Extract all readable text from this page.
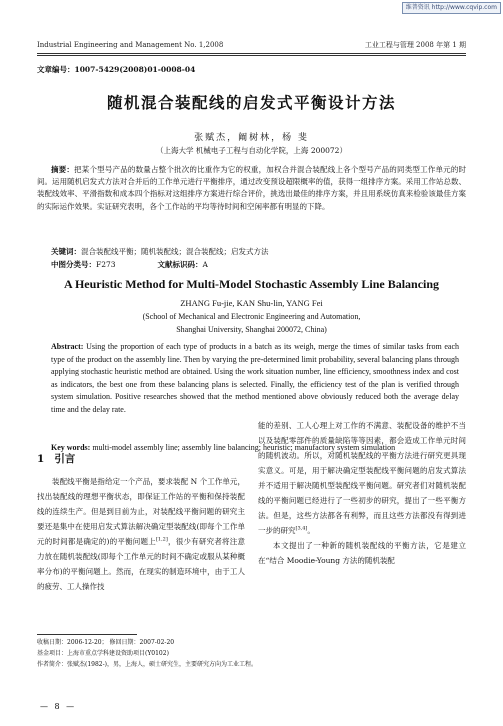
维普资讯 http://www.cqvip.com
Industrial Engineering and Management No. 1,2008	工业工程与管理 2008 年第 1 期
文章编号：1007-5429(2008)01-0008-04
随机混合装配线的启发式平衡设计方法
张赋杰，阚树林，杨 斐
（上海大学 机械电子工程与自动化学院，上海 200072）
摘要：把某个型号产品的数量占整个批次的比重作为它的权重，加权合并混合装配线上各个型号产品的同类型工作单元的时间。运用随机启发式方法对合并后的工作单元进行平衡排序，通过改变预设超限概率的值，获得一组排序方案。采用工作站总数、装配线效率、平滑指数和成本四个指标对这组排序方案进行综合评价，挑选出最佳的排序方案，并且用系统仿真来检验该最佳方案的实际运作效果。实证研究表明，各个工作站的平均等待时间和空闲率都有明显的下降。
关键词：混合装配线平衡；随机装配线；混合装配线；启发式方法
中图分类号：F273	文献标识码：A
A Heuristic Method for Multi-Model Stochastic Assembly Line Balancing
ZHANG Fu-jie, KAN Shu-lin, YANG Fei
(School of Mechanical and Electronic Engineering and Automation,
Shanghai University, Shanghai 200072, China)
Abstract: Using the proportion of each type of products in a batch as its weigh, merge the times of similar tasks from each type of the product on the assembly line. Then by varying the pre-determined limit probability, several balancing plans through applying stochastic heuristic method are obtained. Using the work situation number, line efficiency, smoothness index and cost as indicators, the best one from these balancing plans is selected. Finally, the efficiency test of the plan is verified through system simulation. Positive researches showed that the method mentioned above obviously reduced both the average delay time and the delay rate.
Key words: multi-model assembly line; assembly line balancing; heuristic; manufactory system simulation
1 引言

装配线平衡是指给定一个产品，要求装配 N 个工作单元，找出装配线的理想平衡状态，即保证工作站的平衡和保持装配线的连续生产。但是到目前为止，对装配线平衡问题的研究主要还是集中在使用启发式算法解决确定型装配线(即每个工作单元的时间都是确定的)的平衡问题上[1,2]，很少有研究者将注意力放在随机装配线(即每个工作单元的时间不确定或服从某种概率分布)的平衡问题上。然而，在现实的制造环境中，由于工人的疲劳、工人操作技

能的差别、工人心理上对工作的不满意、装配设备的维护不当以及装配零部件的质量缺陷等等因素，都会造成工作单元时间的随机波动。所以，对随机装配线的平衡方法进行研究更具现实意义。可是，用于解决确定型装配线平衡问题的启发式算法并不适用于解决随机型装配线平衡问题。研究者们对随机装配线的平衡问题已经进行了一些初步的研究，提出了一些平衡方法。但是，这些方法都各有利弊，而且这些方法都没有得到进一步的研究[3,4]。

本文提出了一种新的随机装配线的平衡方法，它是建立在“结合 Moodie-Young 方法的随机装配

收稿日期：2006-12-20； 修回日期：2007-02-20
基金项目：上海市重点学科建设资助项目(Y0102)
作者简介：张赋杰(1982-)，男，上海人，硕士研究生，主要研究方向为工业工程。
— 8 —
